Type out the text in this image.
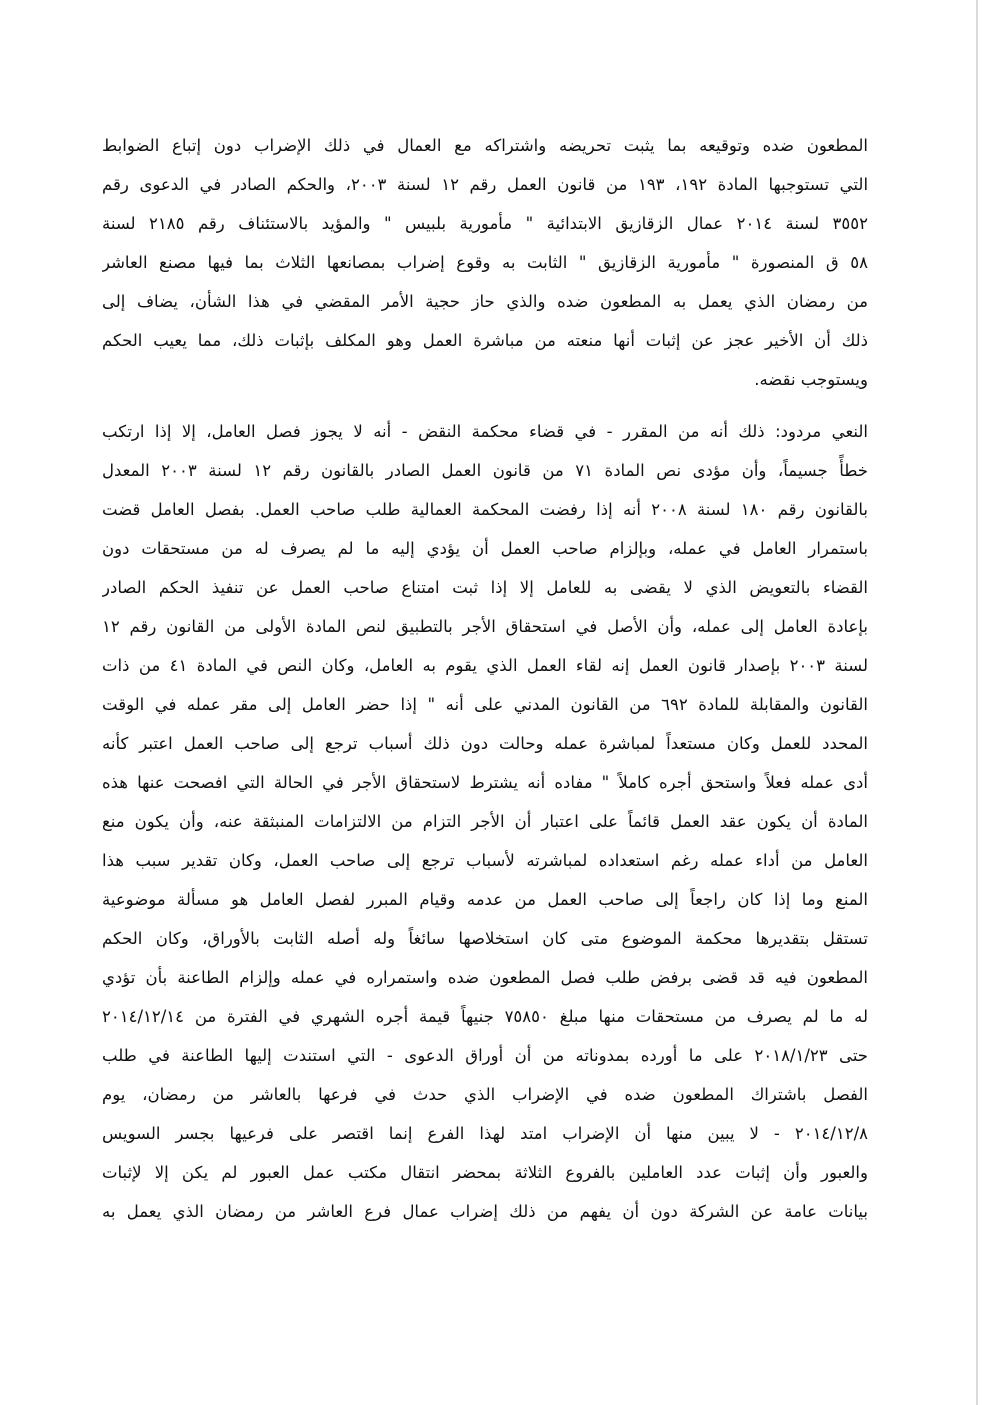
المطعون ضده وتوقيعه بما يثبت تحريضه واشتراكه مع العمال في ذلك الإضراب دون إتباع الضوابط
التي تستوجبها المادة ١٩٢، ١٩٣ من قانون العمل رقم ١٢ لسنة ٢٠٠٣، والحكم الصادر في الدعوى رقم
٣٥٥٢ لسنة ٢٠١٤ عمال الزقازيق الابتدائية " مأمورية بلبيس " والمؤيد بالاستئناف رقم ٢١٨٥ لسنة
٥٨ ق المنصورة " مأمورية الزقازيق " الثابت به وقوع إضراب بمصانعها الثلاث بما فيها مصنع العاشر
من رمضان الذي يعمل به المطعون ضده والذي حاز حجية الأمر المقضي في هذا الشأن، يضاف إلى
ذلك أن الأخير عجز عن إثبات أنها منعته من مباشرة العمل وهو المكلف بإثبات ذلك، مما يعيب الحكم
ويستوجب نقضه.
النعي مردود: ذلك أنه من المقرر - في قضاء محكمة النقض - أنه لا يجوز فصل العامل، إلا إذا ارتكب
خطأً جسيماً، وأن مؤدى نص المادة ٧١ من قانون العمل الصادر بالقانون رقم ١٢ لسنة ٢٠٠٣ المعدل
بالقانون رقم ١٨٠ لسنة ٢٠٠٨ أنه إذا رفضت المحكمة العمالية طلب صاحب العمل. بفصل العامل قضت
باستمرار العامل في عمله، وبإلزام صاحب العمل أن يؤدي إليه ما لم يصرف له من مستحقات دون
القضاء بالتعويض الذي لا يقضى به للعامل إلا إذا ثبت امتناع صاحب العمل عن تنفيذ الحكم الصادر
بإعادة العامل إلى عمله، وأن الأصل في استحقاق الأجر بالتطبيق لنص المادة الأولى من القانون رقم ١٢
لسنة ٢٠٠٣ بإصدار قانون العمل إنه لقاء العمل الذي يقوم به العامل، وكان النص في المادة ٤١ من ذات
القانون والمقابلة للمادة ٦٩٢ من القانون المدني على أنه " إذا حضر العامل إلى مقر عمله في الوقت
المحدد للعمل وكان مستعداً لمباشرة عمله وحالت دون ذلك أسباب ترجع إلى صاحب العمل اعتبر كأنه
أدى عمله فعلاً واستحق أجره كاملاً " مفاده أنه يشترط لاستحقاق الأجر في الحالة التي افصحت عنها هذه
المادة أن يكون عقد العمل قائماً على اعتبار أن الأجر التزام من الالتزامات المنبثقة عنه، وأن يكون منع
العامل من أداء عمله رغم استعداده لمباشرته لأسباب ترجع إلى صاحب العمل، وكان تقدير سبب هذا
المنع وما إذا كان راجعاً إلى صاحب العمل من عدمه وقيام المبرر لفصل العامل هو مسألة موضوعية
تستقل بتقديرها محكمة الموضوع متى كان استخلاصها سائغاً وله أصله الثابت بالأوراق، وكان الحكم
المطعون فيه قد قضى برفض طلب فصل المطعون ضده واستمراره في عمله وإلزام الطاعنة بأن تؤدي
له ما لم يصرف من مستحقات منها مبلغ ٧٥٨٥٠ جنيهاً قيمة أجره الشهري في الفترة من ٢٠١٤/١٢/١٤
حتى ٢٠١٨/١/٢٣ على ما أورده بمدوناته من أن أوراق الدعوى - التي استندت إليها الطاعنة في طلب
الفصل باشتراك المطعون ضده في الإضراب الذي حدث في فرعها بالعاشر من رمضان، يوم
٢٠١٤/١٢/٨ - لا يبين منها أن الإضراب امتد لهذا الفرع إنما اقتصر على فرعيها بجسر السويس
والعبور وأن إثبات عدد العاملين بالفروع الثلاثة بمحضر انتقال مكتب عمل العبور لم يكن إلا لإثبات
بيانات عامة عن الشركة دون أن يفهم من ذلك إضراب عمال فرع العاشر من رمضان الذي يعمل به
